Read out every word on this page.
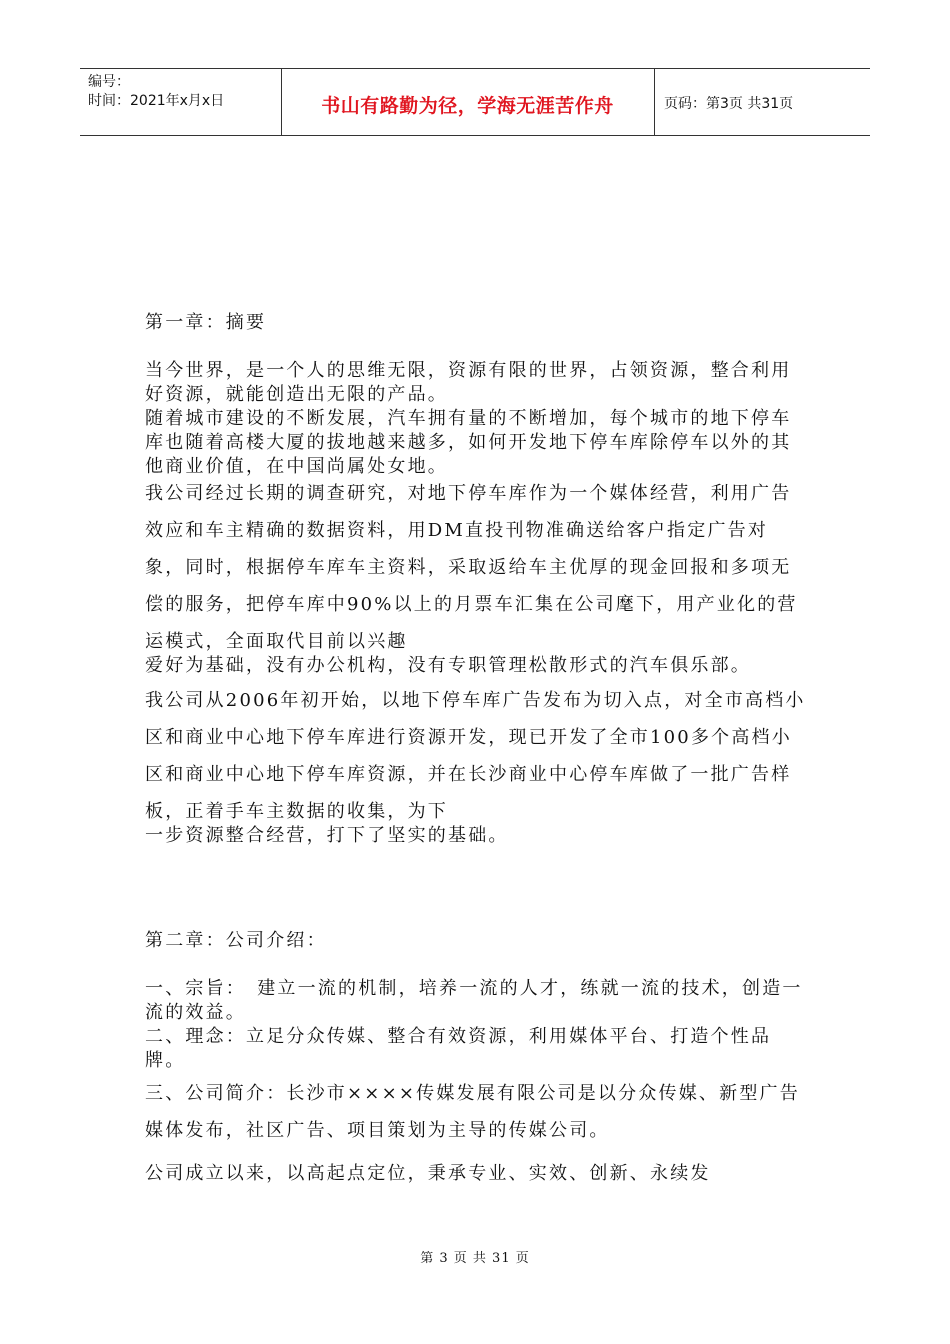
编号：
时间：2021年x月x日	书山有路勤为径，学海无涯苦作舟	页码：第3页 共31页

第一章：摘要

当今世界，是一个人的思维无限，资源有限的世界，占领资源，整合利用好资源，就能创造出无限的产品。

随着城市建设的不断发展，汽车拥有量的不断增加，每个城市的地下停车库也随着高楼大厦的拔地越来越多，如何开发地下停车库除停车以外的其他商业价值，在中国尚属处女地。

我公司经过长期的调查研究，对地下停车库作为一个媒体经营，利用广告效应和车主精确的数据资料，用DM直投刊物准确送给客户指定广告对象，同时，根据停车库车主资料，采取返给车主优厚的现金回报和多项无偿的服务，把停车库中90%以上的月票车汇集在公司麾下，用产业化的营运模式，全面取代目前以兴趣

爱好为基础，没有办公机构，没有专职管理松散形式的汽车俱乐部。

我公司从2006年初开始，以地下停车库广告发布为切入点，对全市高档小区和商业中心地下停车库进行资源开发，现已开发了全市100多个高档小区和商业中心地下停车库资源，并在长沙商业中心停车库做了一批广告样板，正着手车主数据的收集，为下

一步资源整合经营，打下了坚实的基础。

第二章：公司介绍：

一、宗旨：　建立一流的机制，培养一流的人才，练就一流的技术，创造一流的效益。

二、理念：立足分众传媒、整合有效资源，利用媒体平台、打造个性品牌。

三、公司简介：长沙市××××传媒发展有限公司是以分众传媒、新型广告媒体发布，社区广告、项目策划为主导的传媒公司。

公司成立以来，以高起点定位，秉承专业、实效、创新、永续发

第 3 页 共 31 页
